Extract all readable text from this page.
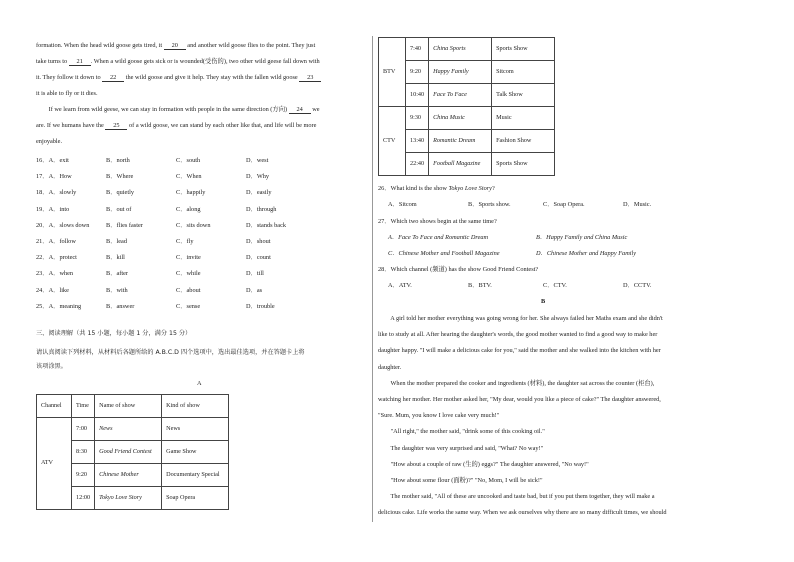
formation. When the head wild goose gets tired, it 20 and another wild goose flies to the point. They just
take turns to 21 . When a wild goose gets sick or is wounded(受伤的), two other wild geese fall down with
it. They follow it down to 22 the wild goose and give it help. They stay with the fallen wild goose 23
it is able to fly or it dies.
If we learn from wild geese, we can stay in formation with people in the same direction (方向) 24 we
are. If we humans have the 25 of a wild goose, we can stand by each other like that, and life will be more
enjoyable.
16．A．exit	B．north	C．south	D．west
17．A．How	B．Where	C．When	D．Why
18．A．slowly	B．quietly	C．happily	D．easily
19．A．into	B．out of	C．along	D．through
20．A．slows down	B．flies faster	C．sits down	D．stands back
21．A．follow	B．lead	C．fly	D．shout
22．A．protect	B．kill	C．invite	D．count
23．A．when	B．after	C．while	D．till
24．A．like	B．with	C．about	D．as
25．A．meaning	B．answer	C．sense	D．trouble
三、阅读理解（共 15 小题，每小题 1 分，满分 15 分）
请认真阅读下列材料，从材料后各题所给的 A.B.C.D 四个选项中，选出最佳选项，并在答题卡上将
该项涂黑。
A
Channel	Time	Name of show	Kind of show
ATV	7:00	News	News
	8:30	Good Friend Contest	Game Show
	9:20	Chinese Mother	Documentary Special
	12:00	Tokyo Love Story	Soap Opera
BTV	7:40	China Sports	Sports Show
	9:20	Happy Family	Sitcom
	10:40	Face To Face	Talk Show
CTV	9:30	China Music	Music
	13:40	Romantic Dream	Fashion Show
	22:40	Football Magazine	Sports Show
26．What kind is the show Tokyo Love Story?
A．Sitcom	B．Sports show.	C．Soap Opera.	D．Music.
27．Which two shows begin at the same time?
A．Face To Face and Romantic Dream	B．Happy Family and China Music
C．Chinese Mother and Football Magazine	D．Chinese Mother and Happy Family
28．Which channel (频道) has the show Good Friend Contest?
A．ATV.	B．BTV.	C．CTV.	D．CCTV.
B
A girl told her mother everything was going wrong for her. She always failed her Maths exam and she didn't
like to study at all. After hearing the daughter's words, the good mother wanted to find a good way to make her
daughter happy. "I will make a delicious cake for you," said the mother and she walked into the kitchen with her
daughter.
When the mother prepared the cooker and ingredients (材料), the daughter sat across the counter (柜台),
watching her mother. Her mother asked her, "My dear, would you like a piece of cake?" The daughter answered,
"Sure. Mum, you know I love cake very much!"
"All right," the mother said, "drink some of this cooking oil."
The daughter was very surprised and said, "What? No way!"
"How about a couple of raw (生的) eggs?" The daughter answered, "No way!"
"How about some flour (面粉)?" "No, Mom, I will be sick!"
The mother said, "All of these are uncooked and taste bad, but if you put them together, they will make a
delicious cake. Life works the same way. When we ask ourselves why there are so many difficult times, we should
